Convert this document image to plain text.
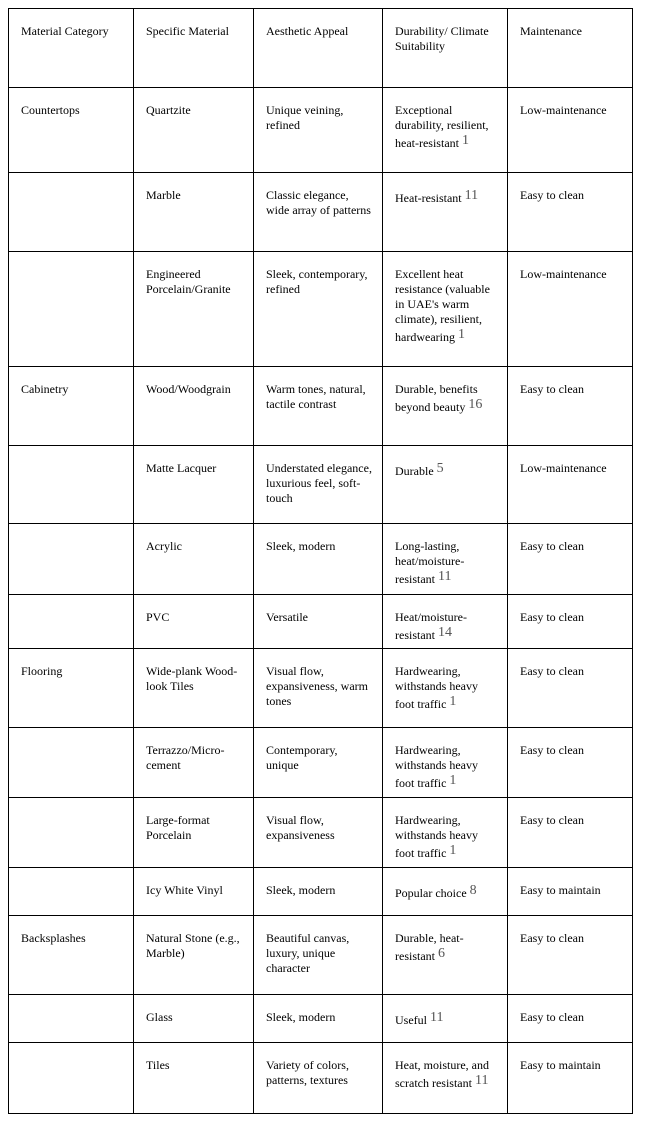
Material Category	Specific Material	Aesthetic Appeal	Durability/ Climate Suitability	Maintenance
Countertops	Quartzite	Unique veining, refined	Exceptional durability, resilient, heat-resistant 1	Low-maintenance
	Marble	Classic elegance, wide array of patterns	Heat-resistant 11	Easy to clean
	Engineered Porcelain/Granite	Sleek, contemporary, refined	Excellent heat resistance (valuable in UAE's warm climate), resilient, hardwearing 1	Low-maintenance
Cabinetry	Wood/Woodgrain	Warm tones, natural, tactile contrast	Durable, benefits beyond beauty 16	Easy to clean
	Matte Lacquer	Understated elegance, luxurious feel, soft-touch	Durable 5	Low-maintenance
	Acrylic	Sleek, modern	Long-lasting, heat/moisture-resistant 11	Easy to clean
	PVC	Versatile	Heat/moisture-resistant 14	Easy to clean
Flooring	Wide-plank Wood-look Tiles	Visual flow, expansiveness, warm tones	Hardwearing, withstands heavy foot traffic 1	Easy to clean
	Terrazzo/Micro-cement	Contemporary, unique	Hardwearing, withstands heavy foot traffic 1	Easy to clean
	Large-format Porcelain	Visual flow, expansiveness	Hardwearing, withstands heavy foot traffic 1	Easy to clean
	Icy White Vinyl	Sleek, modern	Popular choice 8	Easy to maintain
Backsplashes	Natural Stone (e.g., Marble)	Beautiful canvas, luxury, unique character	Durable, heat-resistant 6	Easy to clean
	Glass	Sleek, modern	Useful 11	Easy to clean
	Tiles	Variety of colors, patterns, textures	Heat, moisture, and scratch resistant 11	Easy to maintain
